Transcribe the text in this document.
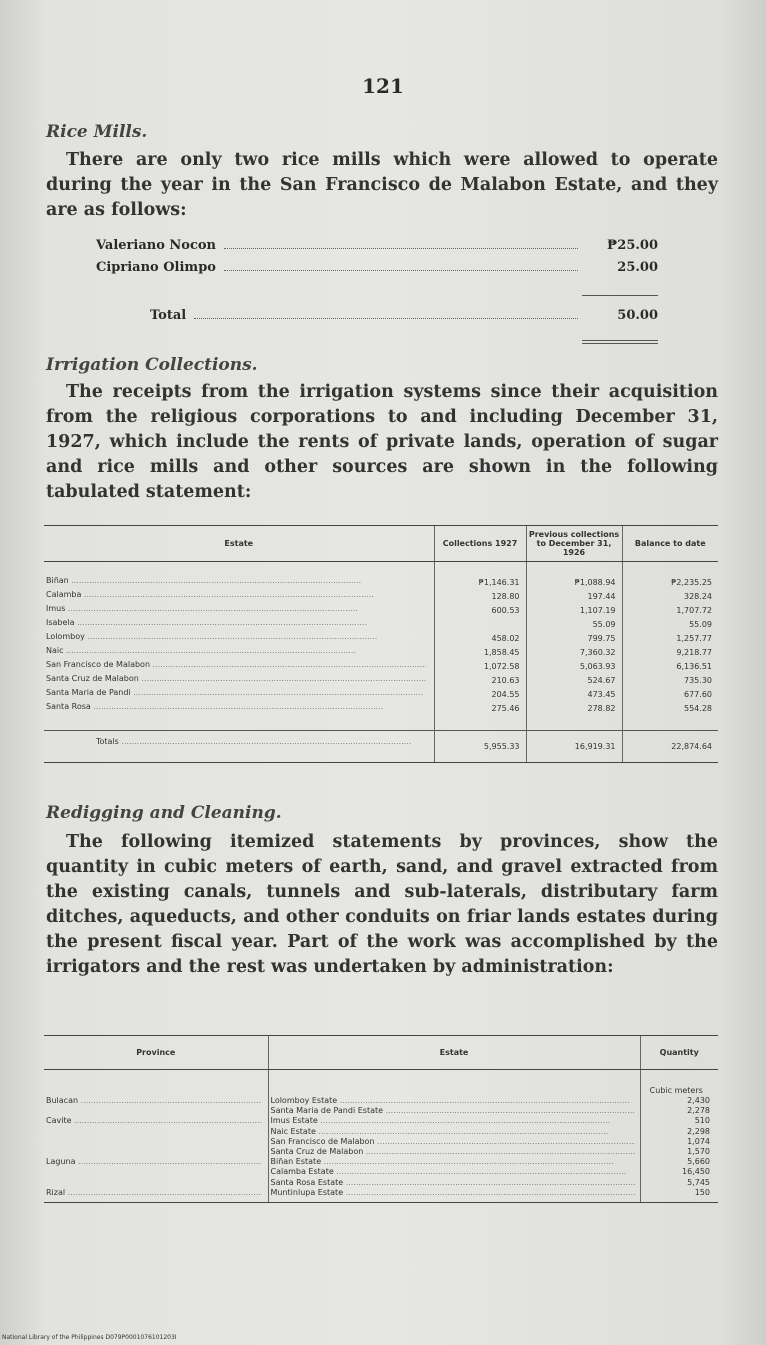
121
Rice Mills.
There are only two rice mills which were allowed to operate during the year in the San Francisco de Malabon Estate, and they are as follows:
Valeriano Nocon	₱25.00
Cipriano Olimpo	25.00
Total	50.00
Irrigation Collections.
The receipts from the irrigation systems since their acquisition from the religious corporations to and including December 31, 1927, which include the rents of private lands, operation of sugar and rice mills and other sources are shown in the following tabulated statement:
Estate	Collections 1927	Previous collections to December 31, 1926	Balance to date

Biñan .....	₱1,146.31	₱1,088.94	₱2,235.25
Calamba .....	128.80	197.44	328.24
Imus .....	600.53	1,107.19	1,707.72
Isabela .....		55.09	55.09
Lolomboy .....	458.02	799.75	1,257.77
Naic .....	1,858.45	7,360.32	9,218.77
San Francisco de Malabon .....	1,072.58	5,063.93	6,136.51
Santa Cruz de Malabon .....	210.63	524.67	735.30
Santa Maria de Pandi .....	204.55	473.45	677.60
Santa Rosa .....	275.46	278.82	554.28

Totals .....	5,955.33	16,919.31	22,874.64
Redigging and Cleaning.
The following itemized statements by provinces, show the quantity in cubic meters of earth, sand, and gravel extracted from the existing canals, tunnels and sub-laterals, distributary farm ditches, aqueducts, and other conduits on friar lands estates during the present fiscal year. Part of the work was accomplished by the irrigators and the rest was undertaken by administration:
Province	Estate	Quantity
		Cubic meters
Bulacan .....	Lolomboy Estate .....	2,430
	Santa Maria de Pandi Estate .....	2,278
Cavite .....	Imus Estate .....	510
	Naic Estate .....	2,298
	San Francisco de Malabon .....	1,074
	Santa Cruz de Malabon .....	1,570
Laguna .....	Biñan Estate .....	5,660
	Calamba Estate .....	16,450
	Santa Rosa Estate .....	5,745
Rizal .....	Muntinlupa Estate .....	150
National Library of the Philippines D079P0001076101203I
